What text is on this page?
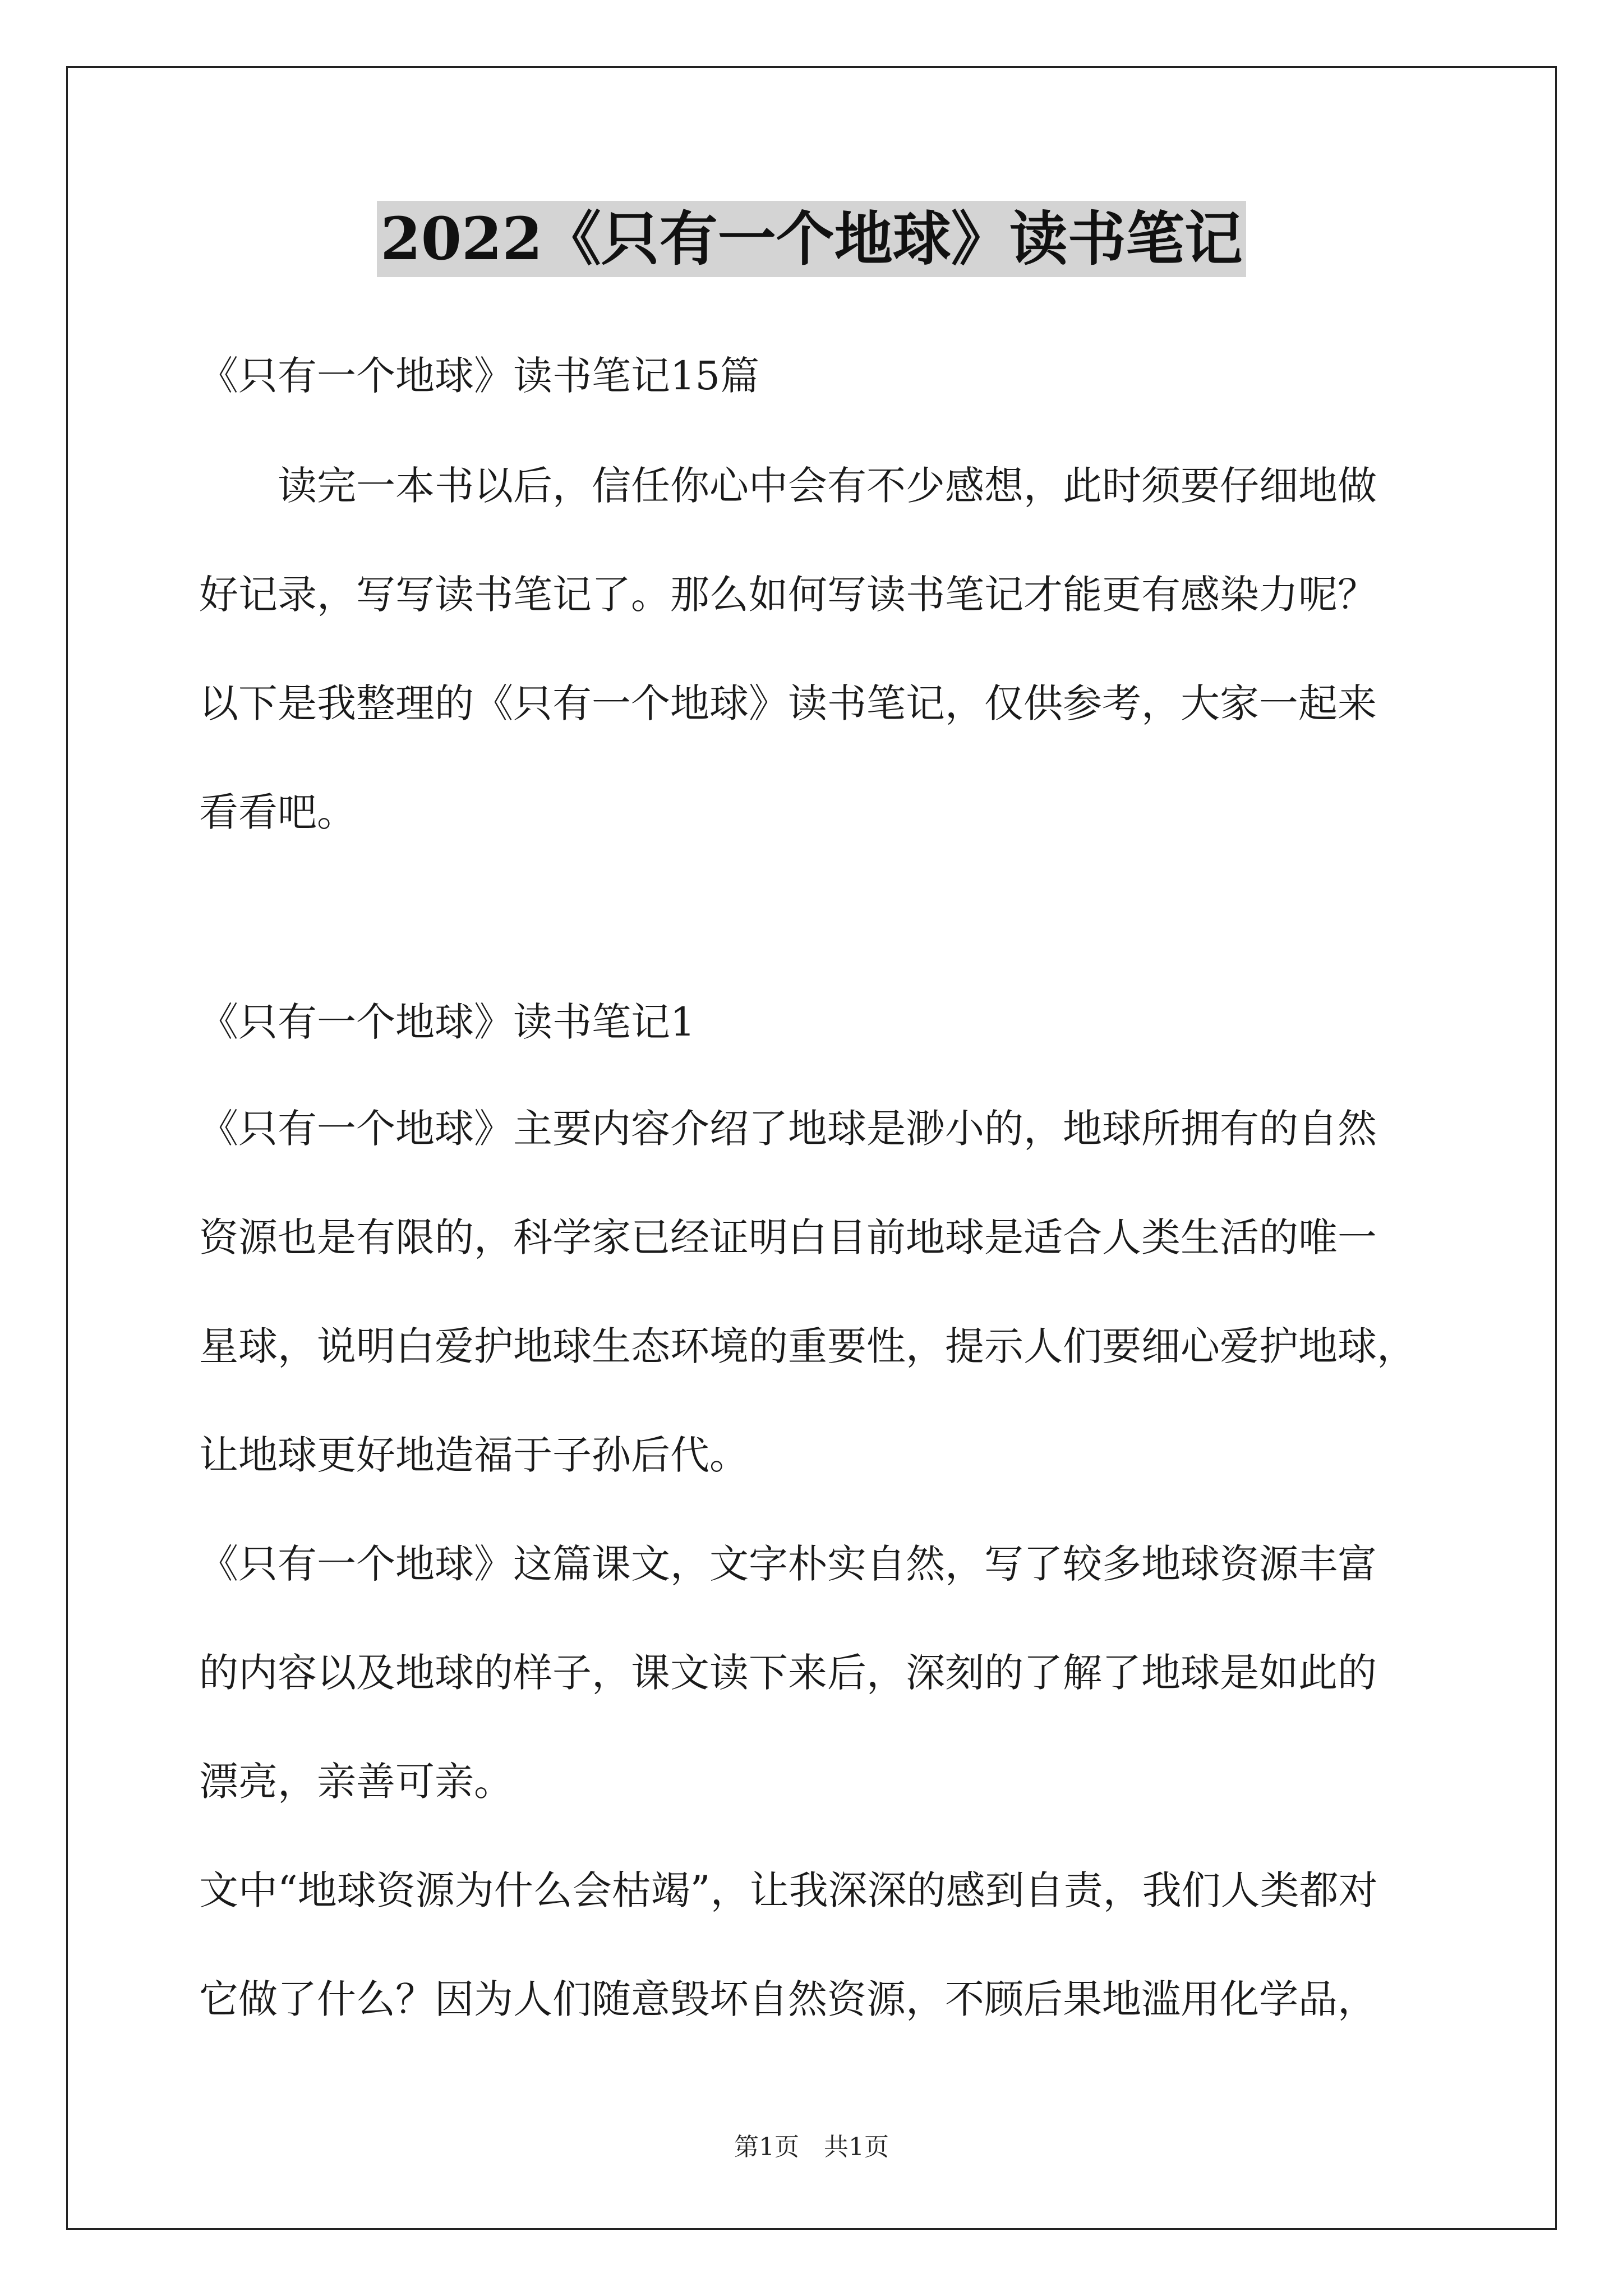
2022《只有一个地球》读书笔记
《只有一个地球》读书笔记15篇
　　读完一本书以后，信任你心中会有不少感想，此时须要仔细地做
好记录，写写读书笔记了。那么如何写读书笔记才能更有感染力呢？
以下是我整理的《只有一个地球》读书笔记，仅供参考，大家一起来
看看吧。
《只有一个地球》读书笔记1
《只有一个地球》主要内容介绍了地球是渺小的，地球所拥有的自然
资源也是有限的，科学家已经证明白目前地球是适合人类生活的唯一
星球，说明白爱护地球生态环境的重要性，提示人们要细心爱护地球，
让地球更好地造福于子孙后代。
《只有一个地球》这篇课文，文字朴实自然，写了较多地球资源丰富
的内容以及地球的样子，课文读下来后，深刻的了解了地球是如此的
漂亮，亲善可亲。
文中“地球资源为什么会枯竭”，让我深深的感到自责，我们人类都对
它做了什么？因为人们随意毁坏自然资源，不顾后果地滥用化学品，
第1页　共1页
